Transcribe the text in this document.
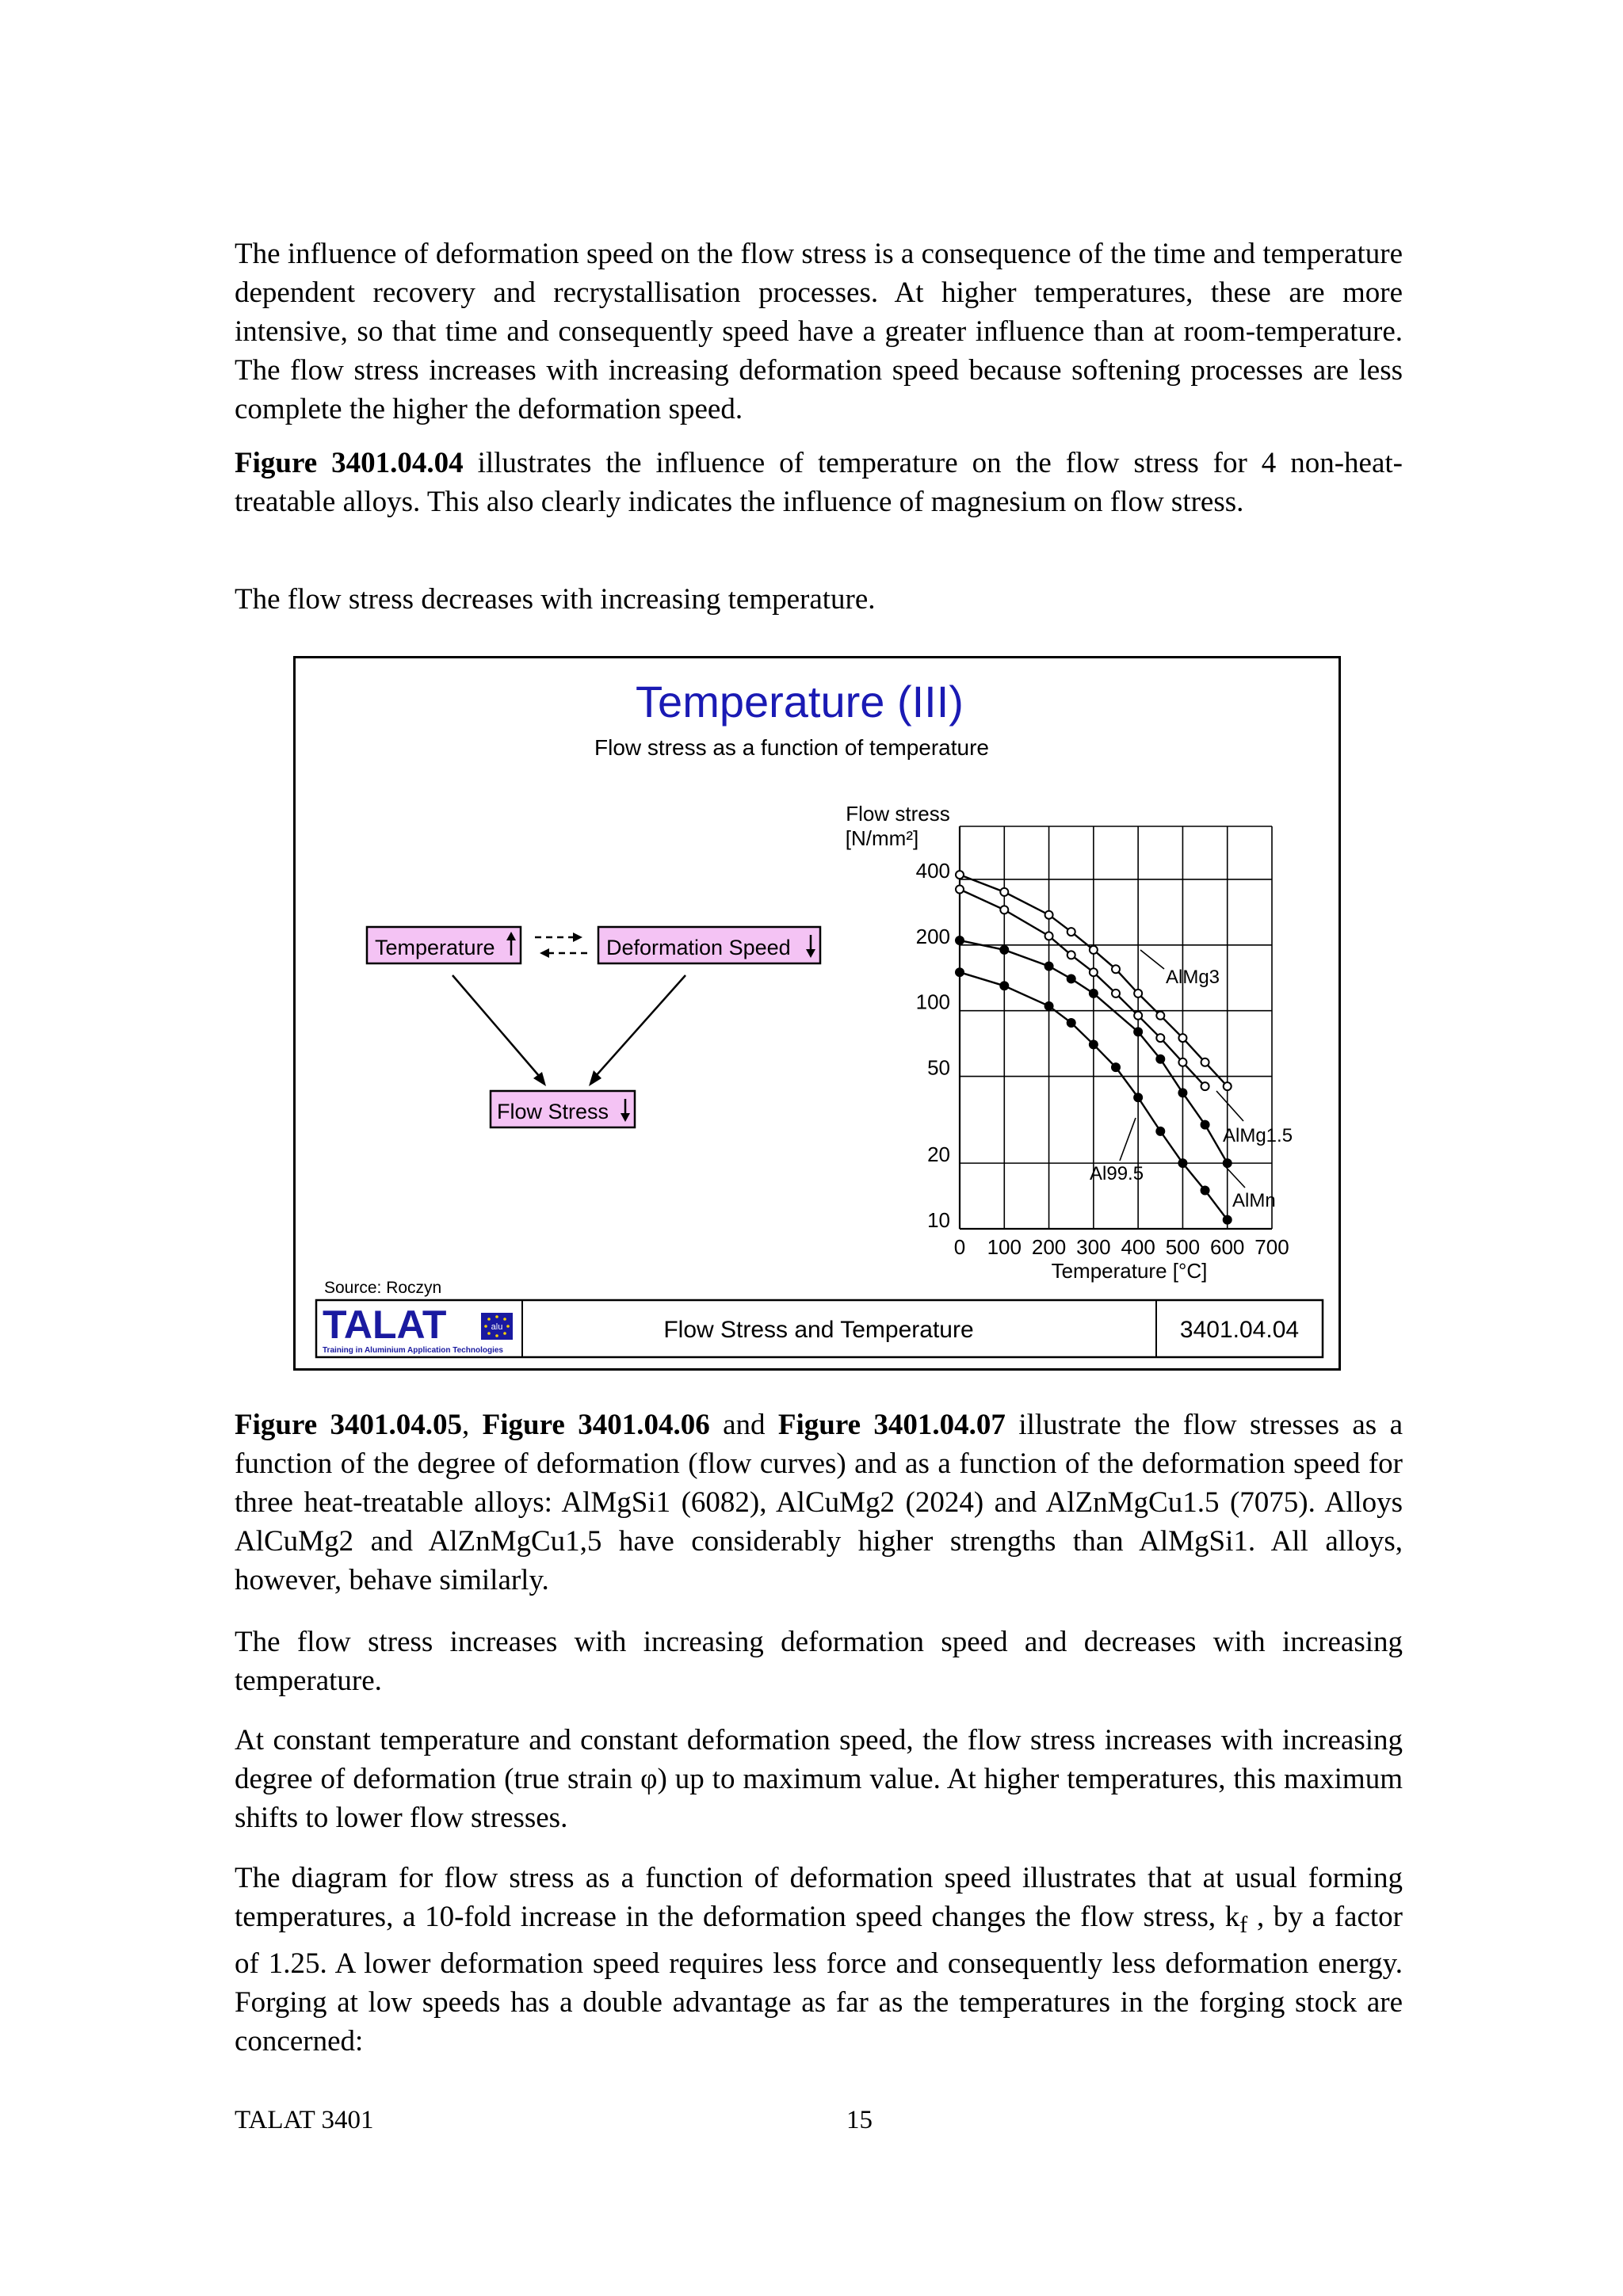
The influence of deformation speed on the flow stress is a consequence of the time and temperature dependent recovery and recrystallisation processes. At higher temperatures, these are more intensive, so that time and consequently speed have a greater influence than at room-temperature. The flow stress increases with increasing deformation speed because softening processes are less complete the higher the deformation speed.

Figure 3401.04.04 illustrates the influence of temperature on the flow stress for 4 non-heat-treatable alloys. This also clearly indicates the influence of magnesium on flow stress.

The flow stress decreases with increasing temperature.

Temperature (III)
Flow stress as a function of temperature
Temperature	Deformation Speed
Flow Stress
10
20
50
100
200
400
0 100 200 300 400 500 600 700
AlMg3
AlMg1.5
AlMn
Al99.5
Flow stress
[N/mm²]
Temperature [°C]
Source: Roczyn
TALAT	alu
Training in Aluminium Application Technologies
Flow Stress and Temperature	3401.04.04

Figure 3401.04.05, Figure 3401.04.06 and Figure 3401.04.07 illustrate the flow stresses as a function of the degree of deformation (flow curves) and as a function of the deformation speed for three heat-treatable alloys: AlMgSi1 (6082), AlCuMg2 (2024) and AlZnMgCu1.5 (7075). Alloys AlCuMg2 and AlZnMgCu1,5 have considerably higher strengths than AlMgSi1. All alloys, however, behave similarly.

The flow stress increases with increasing deformation speed and decreases with increasing temperature.

At constant temperature and constant deformation speed, the flow stress increases with increasing degree of deformation (true strain φ) up to maximum value. At higher temperatures, this maximum shifts to lower flow stresses.

The diagram for flow stress as a function of deformation speed illustrates that at usual forming temperatures, a 10-fold increase in the deformation speed changes the flow stress, $k_f$ , by a factor of 1.25. A lower deformation speed requires less force and consequently less deformation energy. Forging at low speeds has a double advantage as far as the temperatures in the forging stock are concerned:

TALAT 3401	15
